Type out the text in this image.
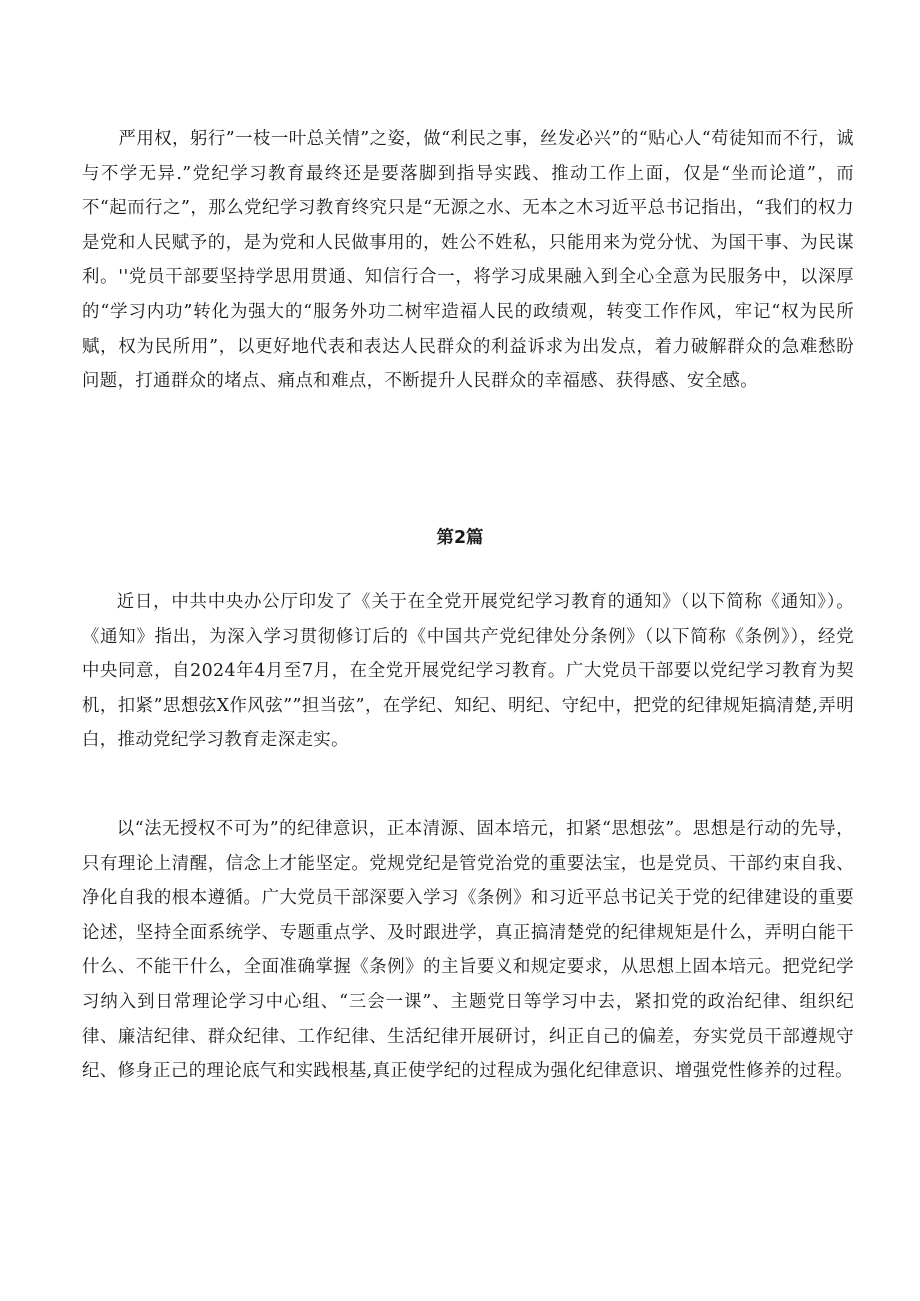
严用权，躬行”一枝一叶总关情”之姿，做“利民之事，丝发必兴”的“贴心人“苟徒知而不行，诚与不学无异.”党纪学习教育最终还是要落脚到指导实践、推动工作上面，仅是“坐而论道”，而不“起而行之”，那么党纪学习教育终究只是“无源之水、无本之木习近平总书记指出，“我们的权力是党和人民赋予的，是为党和人民做事用的，姓公不姓私，只能用来为党分忧、为国干事、为民谋利。''党员干部要坚持学思用贯通、知信行合一，将学习成果融入到全心全意为民服务中，以深厚的“学习内功”转化为强大的“服务外功二树牢造福人民的政绩观，转变工作作风，牢记“权为民所赋，权为民所用”，以更好地代表和表达人民群众的利益诉求为出发点，着力破解群众的急难愁盼问题，打通群众的堵点、痛点和难点，不断提升人民群众的幸福感、获得感、安全感。

第2篇

近日，中共中央办公厅印发了《关于在全党开展党纪学习教育的通知》（以下简称《通知》）。《通知》指出，为深入学习贯彻修订后的《中国共产党纪律处分条例》（以下简称《条例》），经党中央同意，自2024年4月至7月，在全党开展党纪学习教育。广大党员干部要以党纪学习教育为契机，扣紧”思想弦X作风弦””担当弦”，在学纪、知纪、明纪、守纪中，把党的纪律规矩搞清楚,弄明白，推动党纪学习教育走深走实。

以“法无授权不可为”的纪律意识，正本清源、固本培元，扣紧“思想弦”。思想是行动的先导，只有理论上清醒，信念上才能坚定。党规党纪是管党治党的重要法宝，也是党员、干部约束自我、净化自我的根本遵循。广大党员干部深要入学习《条例》和习近平总书记关于党的纪律建设的重要论述，坚持全面系统学、专题重点学、及时跟进学，真正搞清楚党的纪律规矩是什么，弄明白能干什么、不能干什么，全面准确掌握《条例》的主旨要义和规定要求，从思想上固本培元。把党纪学习纳入到日常理论学习中心组、“三会一课”、主题党日等学习中去，紧扣党的政治纪律、组织纪律、廉洁纪律、群众纪律、工作纪律、生活纪律开展研讨，纠正自己的偏差，夯实党员干部遵规守纪、修身正己的理论底气和实践根基,真正使学纪的过程成为强化纪律意识、增强党性修养的过程。
